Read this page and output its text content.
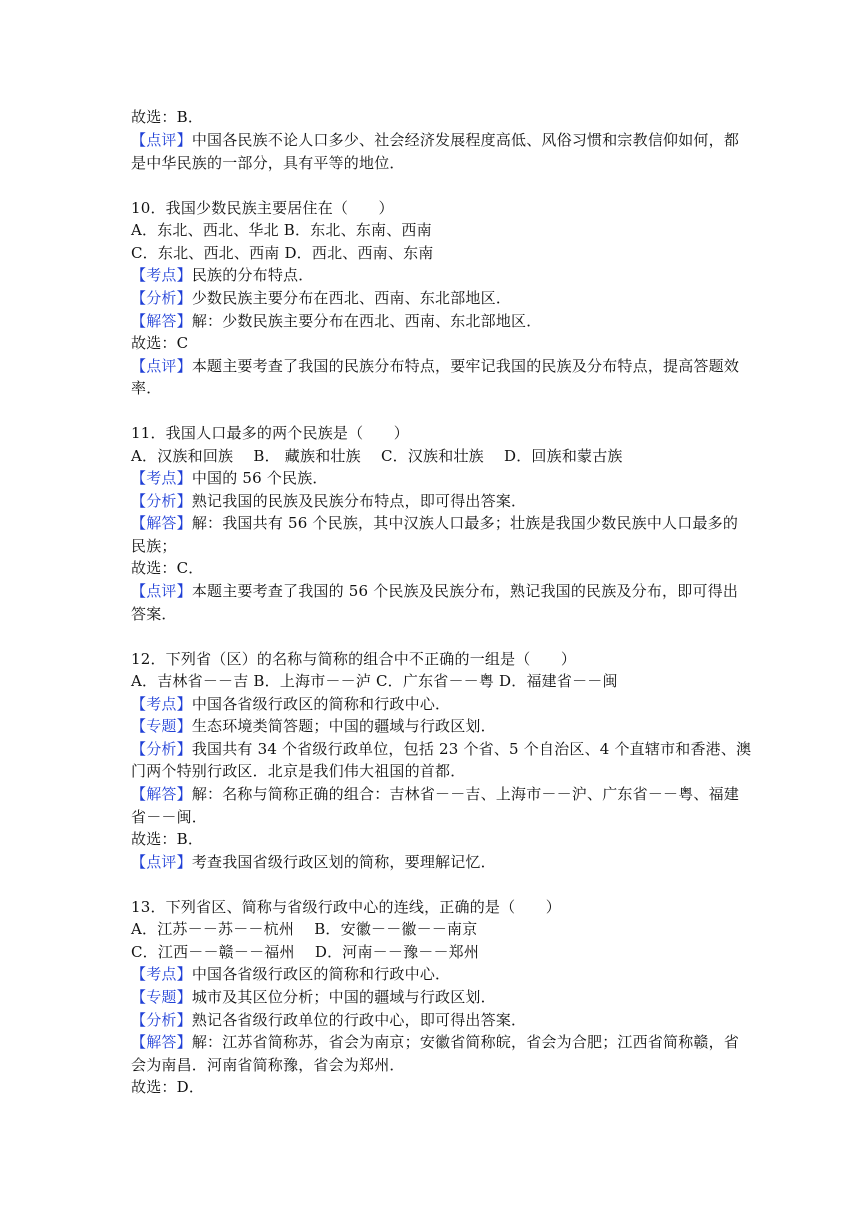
故选：B．
【点评】中国各民族不论人口多少、社会经济发展程度高低、风俗习惯和宗教信仰如何，都
是中华民族的一部分，具有平等的地位．
10．我国少数民族主要居住在（　　）
A．东北、西北、华北 B．东北、东南、西南
C．东北、西北、西南 D．西北、西南、东南
【考点】民族的分布特点．
【分析】少数民族主要分布在西北、西南、东北部地区．
【解答】解：少数民族主要分布在西北、西南、东北部地区．
故选：C
【点评】本题主要考查了我国的民族分布特点，要牢记我国的民族及分布特点，提高答题效
率．
11．我国人口最多的两个民族是（　　）
A．汉族和回族　 B． 藏族和壮族　 C．汉族和壮族　 D．回族和蒙古族
【考点】中国的 56 个民族．
【分析】熟记我国的民族及民族分布特点，即可得出答案．
【解答】解：我国共有 56 个民族，其中汉族人口最多；壮族是我国少数民族中人口最多的
民族；
故选：C．
【点评】本题主要考查了我国的 56 个民族及民族分布，熟记我国的民族及分布，即可得出
答案．
12．下列省（区）的名称与简称的组合中不正确的一组是（　　）
A．吉林省－－吉 B．上海市－－泸 C．广东省－－粤 D．福建省－－闽
【考点】中国各省级行政区的简称和行政中心．
【专题】生态环境类简答题；中国的疆域与行政区划．
【分析】我国共有 34 个省级行政单位，包括 23 个省、5 个自治区、4 个直辖市和香港、澳
门两个特别行政区．北京是我们伟大祖国的首都．
【解答】解：名称与简称正确的组合：吉林省－－吉、上海市－－沪、广东省－－粤、福建
省－－闽．
故选：B．
【点评】考查我国省级行政区划的简称，要理解记忆．
13．下列省区、简称与省级行政中心的连线，正确的是（　　）
A．江苏－－苏－－杭州　 B．安徽－－徽－－南京
C．江西－－赣－－福州　 D．河南－－豫－－郑州
【考点】中国各省级行政区的简称和行政中心．
【专题】城市及其区位分析；中国的疆域与行政区划．
【分析】熟记各省级行政单位的行政中心，即可得出答案．
【解答】解：江苏省简称苏，省会为南京；安徽省简称皖，省会为合肥；江西省简称赣，省
会为南昌．河南省简称豫，省会为郑州．
故选：D．
